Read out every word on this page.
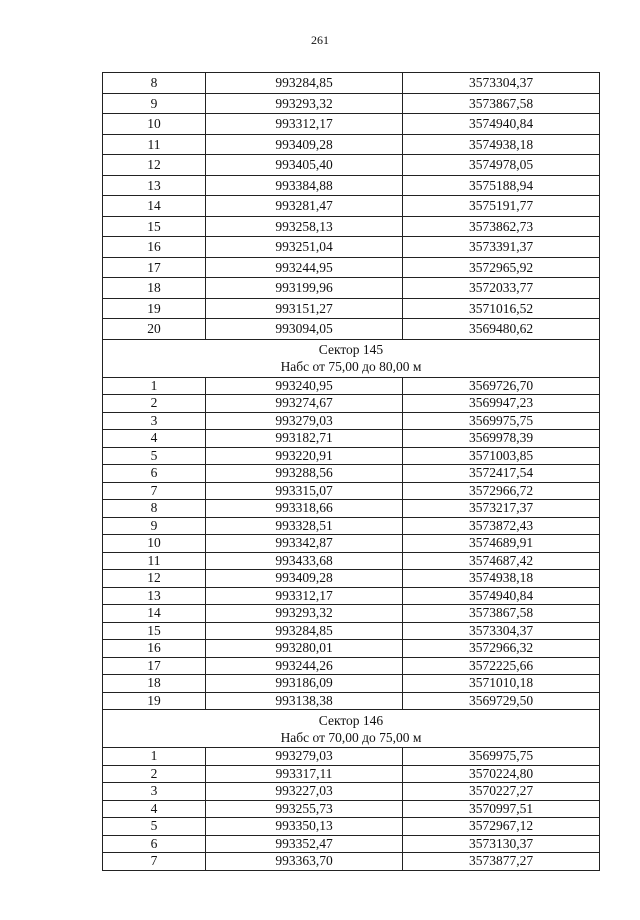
261
8	993284,85	3573304,37
9	993293,32	3573867,58
10	993312,17	3574940,84
11	993409,28	3574938,18
12	993405,40	3574978,05
13	993384,88	3575188,94
14	993281,47	3575191,77
15	993258,13	3573862,73
16	993251,04	3573391,37
17	993244,95	3572965,92
18	993199,96	3572033,77
19	993151,27	3571016,52
20	993094,05	3569480,62

Сектор 145
Набс от 75,00 до 80,00 м		

1	993240,95	3569726,70
2	993274,67	3569947,23
3	993279,03	3569975,75
4	993182,71	3569978,39
5	993220,91	3571003,85
6	993288,56	3572417,54
7	993315,07	3572966,72
8	993318,66	3573217,37
9	993328,51	3573872,43
10	993342,87	3574689,91
11	993433,68	3574687,42
12	993409,28	3574938,18
13	993312,17	3574940,84
14	993293,32	3573867,58
15	993284,85	3573304,37
16	993280,01	3572966,32
17	993244,26	3572225,66
18	993186,09	3571010,18
19	993138,38	3569729,50

Сектор 146
Набс от 70,00 до 75,00 м		

1	993279,03	3569975,75
2	993317,11	3570224,80
3	993227,03	3570227,27
4	993255,73	3570997,51
5	993350,13	3572967,12
6	993352,47	3573130,37
7	993363,70	3573877,27
